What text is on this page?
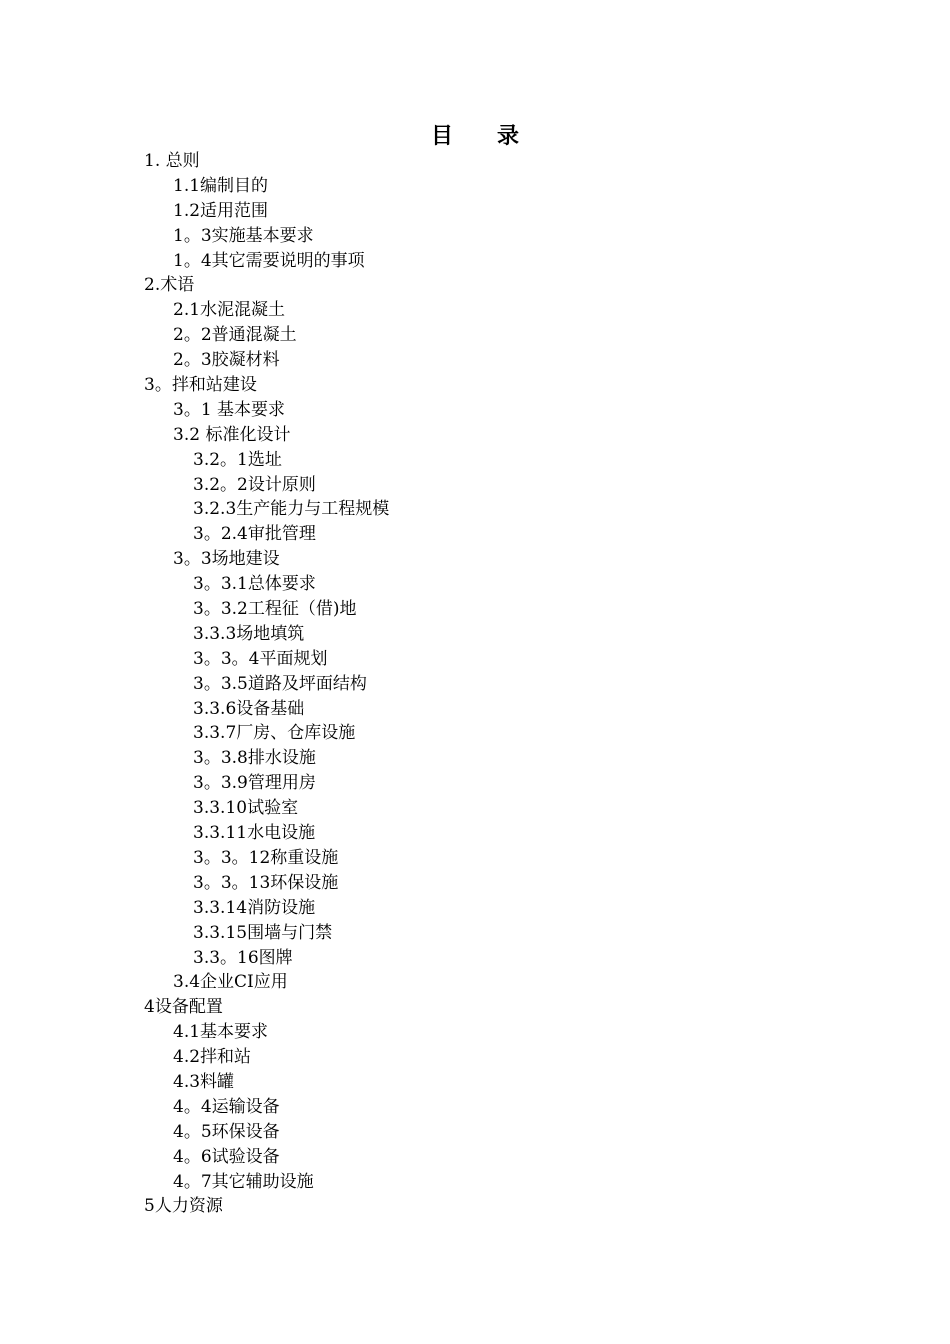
目 录
1. 总则
1.1编制目的
1.2适用范围
1。3实施基本要求
1。4其它需要说明的事项
2.术语
2.1水泥混凝土
2。2普通混凝土
2。3胶凝材料
3。拌和站建设
3。1 基本要求
3.2 标准化设计
3.2。1选址
3.2。2设计原则
3.2.3生产能力与工程规模
3。2.4审批管理
3。3场地建设
3。3.1总体要求
3。3.2工程征（借)地
3.3.3场地填筑
3。3。4平面规划
3。3.5道路及坪面结构
3.3.6设备基础
3.3.7厂房、仓库设施
3。3.8排水设施
3。3.9管理用房
3.3.10试验室
3.3.11水电设施
3。3。12称重设施
3。3。13环保设施
3.3.14消防设施
3.3.15围墙与门禁
3.3。16图牌
3.4企业CI应用
4设备配置
4.1基本要求
4.2拌和站
4.3料罐
4。4运输设备
4。5环保设备
4。6试验设备
4。7其它辅助设施
5人力资源
